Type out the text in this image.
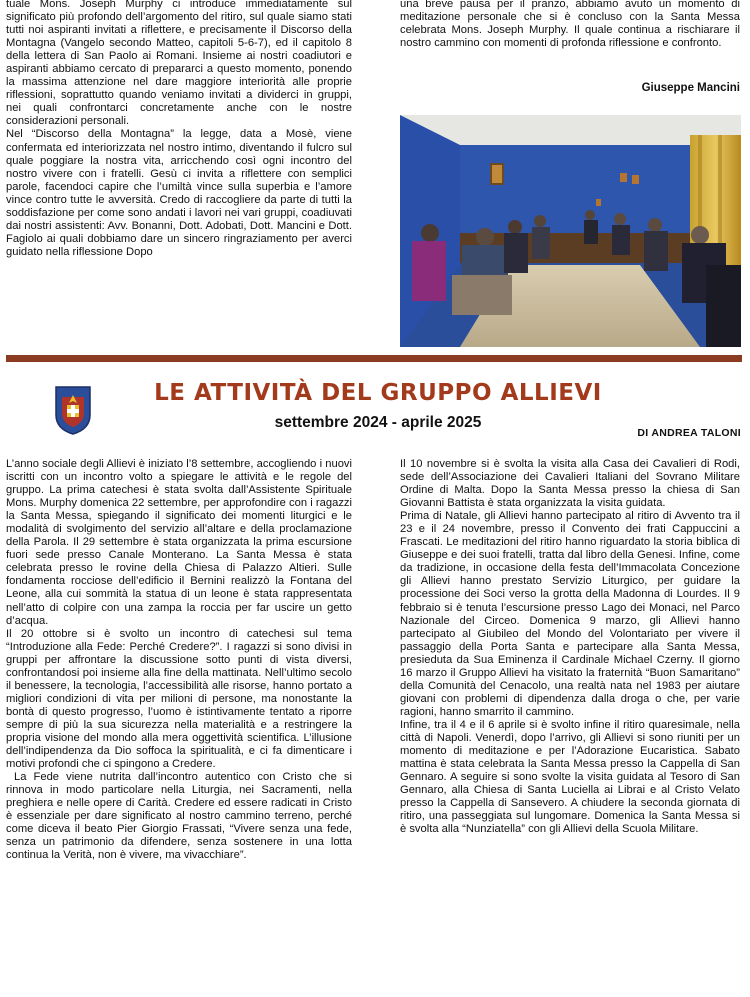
tuale Mons. Joseph Murphy ci introduce immediatamente sul significato più profondo dell’argomento del ritiro, sul quale siamo stati tutti noi aspiranti invitati a riflettere, e precisamente il Discorso della Montagna (Vangelo secondo Matteo, capitoli 5-6-7), ed il capitolo 8 della lettera di San Paolo ai Romani. Insieme ai nostri coadiutori e aspiranti abbiamo cercato di prepararci a questo momento, ponendo la massima attenzione nel dare maggiore interiorità alle proprie riflessioni, soprattutto quando veniamo invitati a dividerci in gruppi, nei quali confrontarci concretamente anche con le nostre considerazioni personali.

Nel “Discorso della Montagna” la legge, data a Mosè, viene confermata ed interiorizzata nel nostro intimo, diventando il fulcro sul quale poggiare la nostra vita, arricchendo così ogni incontro del nostro vivere con i fratelli. Gesù ci invita a riflettere con semplici parole, facendoci capire che l’umiltà vince sulla superbia e l’amore vince contro tutte le avversità. Credo di raccogliere da parte di tutti la soddisfazione per come sono andati i lavori nei vari gruppi, coadiuvati dai nostri assistenti: Avv. Bonanni, Dott. Adobati, Dott. Mancini e Dott. Fagiolo ai quali dobbiamo dare un sincero ringraziamento per averci guidato nella riflessione Dopo

una breve pausa per il pranzo, abbiamo avuto un momento di meditazione personale che si è concluso con la Santa Messa celebrata Mons. Joseph Murphy. Il quale continua a rischiarare il nostro cammino con momenti di profonda riflessione e confronto.

Giuseppe Mancini
LE ATTIVITÀ DEL GRUPPO ALLIEVI
settembre 2024 - aprile 2025
DI ANDREA TALONI

L’anno sociale degli Allievi è iniziato l’8 settembre, accogliendo i nuovi iscritti con un incontro volto a spiegare le attività e le regole del gruppo. La prima catechesi è stata svolta dall’Assistente Spirituale Mons. Murphy domenica 22 settembre, per approfondire con i ragazzi la Santa Messa, spiegando il significato dei momenti liturgici e le modalità di svolgimento del servizio all’altare e della proclamazione della Parola. Il 29 settembre è stata organizzata la prima escursione fuori sede presso Canale Monterano. La Santa Messa è stata celebrata presso le rovine della Chiesa di Palazzo Altieri. Sulle fondamenta rocciose dell’edificio il Bernini realizzò la Fontana del Leone, alla cui sommità la statua di un leone è stata rappresentata nell’atto di colpire con una zampa la roccia per far uscire un getto d’acqua.

Il 20 ottobre si è svolto un incontro di catechesi sul tema “Introduzione alla Fede: Perché Credere?”. I ragazzi si sono divisi in gruppi per affrontare la discussione sotto punti di vista diversi, confrontandosi poi insieme alla fine della mattinata. Nell’ultimo secolo il benessere, la tecnologia, l’accessibilità alle risorse, hanno portato a migliori condizioni di vita per milioni di persone, ma nonostante la bontà di questo progresso, l’uomo è istintivamente tentato a riporre sempre di più la sua sicurezza nella materialità e a restringere la propria visione del mondo alla mera oggettività scientifica. L’illusione dell’indipendenza da Dio soffoca la spiritualità, e ci fa dimenticare i motivi profondi che ci spingono a Credere.

La Fede viene nutrita dall’incontro autentico con Cristo che si rinnova in modo particolare nella Liturgia, nei Sacramenti, nella preghiera e nelle opere di Carità. Credere ed essere radicati in Cristo è essenziale per dare significato al nostro cammino terreno, perché come diceva il beato Pier Giorgio Frassati, “Vivere senza una fede, senza un patrimonio da difendere, senza sostenere in una lotta continua la Verità, non è vivere, ma vivacchiare”.

Il 10 novembre si è svolta la visita alla Casa dei Cavalieri di Rodi, sede dell’Associazione dei Cavalieri Italiani del Sovrano Militare Ordine di Malta. Dopo la Santa Messa presso la chiesa di San Giovanni Battista è stata organizzata la visita guidata.

Prima di Natale, gli Allievi hanno partecipato al ritiro di Avvento tra il 23 e il 24 novembre, presso il Convento dei frati Cappuccini a Frascati. Le meditazioni del ritiro hanno riguardato la storia biblica di Giuseppe e dei suoi fratelli, tratta dal libro della Genesi. Infine, come da tradizione, in occasione della festa dell’Immacolata Concezione gli Allievi hanno prestato Servizio Liturgico, per guidare la processione dei Soci verso la grotta della Madonna di Lourdes. Il 9 febbraio si è tenuta l’escursione presso Lago dei Monaci, nel Parco Nazionale del Circeo. Domenica 9 marzo, gli Allievi hanno partecipato al Giubileo del Mondo del Volontariato per vivere il passaggio della Porta Santa e partecipare alla Santa Messa, presieduta da Sua Eminenza il Cardinale Michael Czerny. Il giorno 16 marzo il Gruppo Allievi ha visitato la fraternità “Buon Samaritano” della Comunità del Cenacolo, una realtà nata nel 1983 per aiutare giovani con problemi di dipendenza dalla droga o che, per varie ragioni, hanno smarrito il cammino.

Infine, tra il 4 e il 6 aprile si è svolto infine il ritiro quaresimale, nella città di Napoli. Venerdì, dopo l’arrivo, gli Allievi si sono riuniti per un momento di meditazione e per l’Adorazione Eucaristica. Sabato mattina è stata celebrata la Santa Messa presso la Cappella di San Gennaro. A seguire si sono svolte la visita guidata al Tesoro di San Gennaro, alla Chiesa di Santa Luciella ai Librai e al Cristo Velato presso la Cappella di Sansevero. A chiudere la seconda giornata di ritiro, una passeggiata sul lungomare. Domenica la Santa Messa si è svolta alla “Nunziatella” con gli Allievi della Scuola Militare.
